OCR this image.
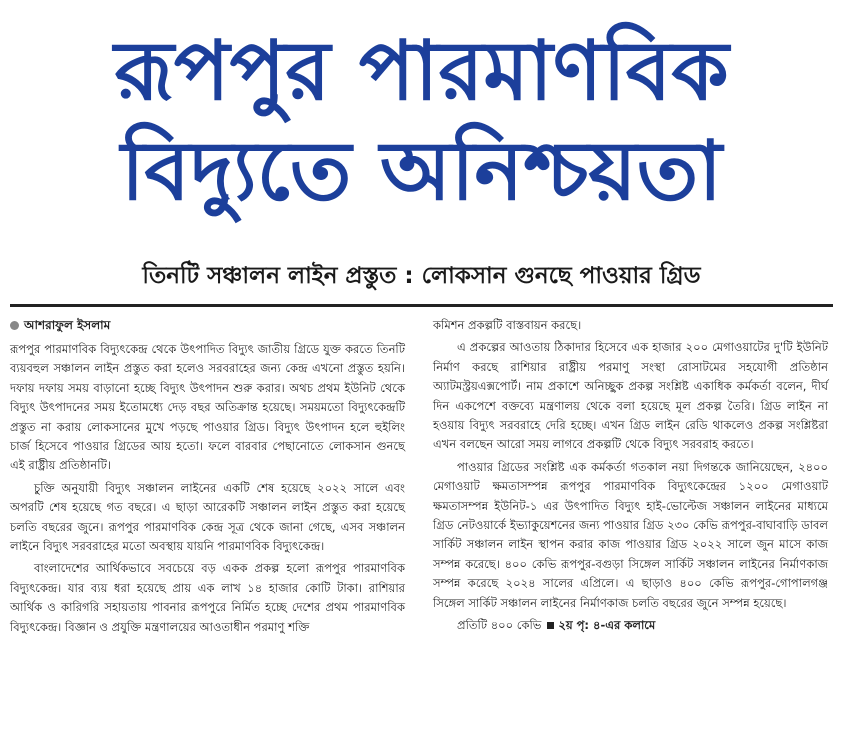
রূপপুর পারমাণবিক
বিদ্যুতে অনিশ্চয়তা
তিনটি সঞ্চালন লাইন প্রস্তুত : লোকসান গুনছে পাওয়ার গ্রিড
আশরাফুল ইসলাম

রূপপুর পারমাণবিক বিদ্যুৎকেন্দ্র থেকে উৎপাদিত বিদ্যুৎ জাতীয় গ্রিডে যুক্ত করতে তিনটি ব্যয়বহুল সঞ্চালন লাইন প্রস্তুত করা হলেও সরবরাহের জন্য কেন্দ্র এখনো প্রস্তুত হয়নি। দফায় দফায় সময় বাড়ানো হচ্ছে বিদ্যুৎ উৎপাদন শুরু করার। অথচ প্রথম ইউনিট থেকে বিদ্যুৎ উৎপাদনের সময় ইতোমধ্যে দেড় বছর অতিক্রান্ত হয়েছে। সময়মতো বিদ্যুৎকেন্দ্রটি প্রস্তুত না করায় লোকসানের মুখে পড়ছে পাওয়ার গ্রিড। বিদ্যুৎ উৎপাদন হলে হুইলিং চার্জ হিসেবে পাওয়ার গ্রিডের আয় হতো। ফলে বারবার পেছানোতে লোকসান গুনছে এই রাষ্ট্রীয় প্রতিষ্ঠানটি।

চুক্তি অনুযায়ী বিদ্যুৎ সঞ্চালন লাইনের একটি শেষ হয়েছে ২০২২ সালে এবং অপরটি শেষ হয়েছে গত বছরে। এ ছাড়া আরেকটি সঞ্চালন লাইন প্রস্তুত করা হয়েছে চলতি বছরের জুনে। রূপপুর পারমাণবিক কেন্দ্র সূত্র থেকে জানা গেছে, এসব সঞ্চালন লাইনে বিদ্যুৎ সরবরাহের মতো অবস্থায় যায়নি পারমাণবিক বিদ্যুৎকেন্দ্র।

বাংলাদেশের আর্থিকভাবে সবচেয়ে বড় একক প্রকল্প হলো রূপপুর পারমাণবিক বিদ্যুৎকেন্দ্র। যার ব্যয় ধরা হয়েছে প্রায় এক লাখ ১৪ হাজার কোটি টাকা। রাশিয়ার আর্থিক ও কারিগরি সহায়তায় পাবনার রূপপুরে নির্মিত হচ্ছে দেশের প্রথম পারমাণবিক বিদ্যুৎকেন্দ্র। বিজ্ঞান ও প্রযুক্তি মন্ত্রণালয়ের আওতাধীন পরমাণু শক্তি

কমিশন প্রকল্পটি বাস্তবায়ন করছে।

এ প্রকল্পের আওতায় ঠিকাদার হিসেবে এক হাজার ২০০ মেগাওয়াটের দু'টি ইউনিট নির্মাণ করছে রাশিয়ার রাষ্ট্রীয় পরমাণু সংস্থা রোসাটমের সহযোগী প্রতিষ্ঠান অ্যাটমস্ট্রয়এক্সপোর্ট। নাম প্রকাশে অনিচ্ছুক প্রকল্প সংশ্লিষ্ট একাধিক কর্মকর্তা বলেন, দীর্ঘ দিন একপেশে বক্তব্যে মন্ত্রণালয় থেকে বলা হয়েছে মূল প্রকল্প তৈরি। গ্রিড লাইন না হওয়ায় বিদ্যুৎ সরবরাহে দেরি হচ্ছে। এখন গ্রিড লাইন রেডি থাকলেও প্রকল্প সংশ্লিষ্টরা এখন বলছেন আরো সময় লাগবে প্রকল্পটি থেকে বিদ্যুৎ সরবরাহ করতে।

পাওয়ার গ্রিডের সংশ্লিষ্ট এক কর্মকর্তা গতকাল নয়া দিগন্তকে জানিয়েছেন, ২৪০০ মেগাওয়াট ক্ষমতাসম্পন্ন রূপপুর পারমাণবিক বিদ্যুৎকেন্দ্রের ১২০০ মেগাওয়াট ক্ষমতাসম্পন্ন ইউনিট-১ এর উৎপাদিত বিদ্যুৎ হাই-ভোল্টেজ সঞ্চালন লাইনের মাধ্যমে গ্রিড নেটওয়ার্কে ইভ্যাকুয়েশনের জন্য পাওয়ার গ্রিড ২৩০ কেভি রূপপুর-বাঘাবাড়ি ডাবল সার্কিট সঞ্চালন লাইন স্থাপন করার কাজ পাওয়ার গ্রিড ২০২২ সালে জুন মাসে কাজ সম্পন্ন করেছে। ৪০০ কেভি রূপপুর-বগুড়া সিঙ্গেল সার্কিট সঞ্চালন লাইনের নির্মাণকাজ সম্পন্ন করেছে ২০২৪ সালের এপ্রিলে। এ ছাড়াও ৪০০ কেভি রূপপুর-গোপালগঞ্জ সিঙ্গেল সার্কিট সঞ্চালন লাইনের নির্মাণকাজ চলতি বছরের জুনে সম্পন্ন হয়েছে।

প্রতিটি ৪০০ কেভি ২য় পৃ: ৪-এর কলামে
